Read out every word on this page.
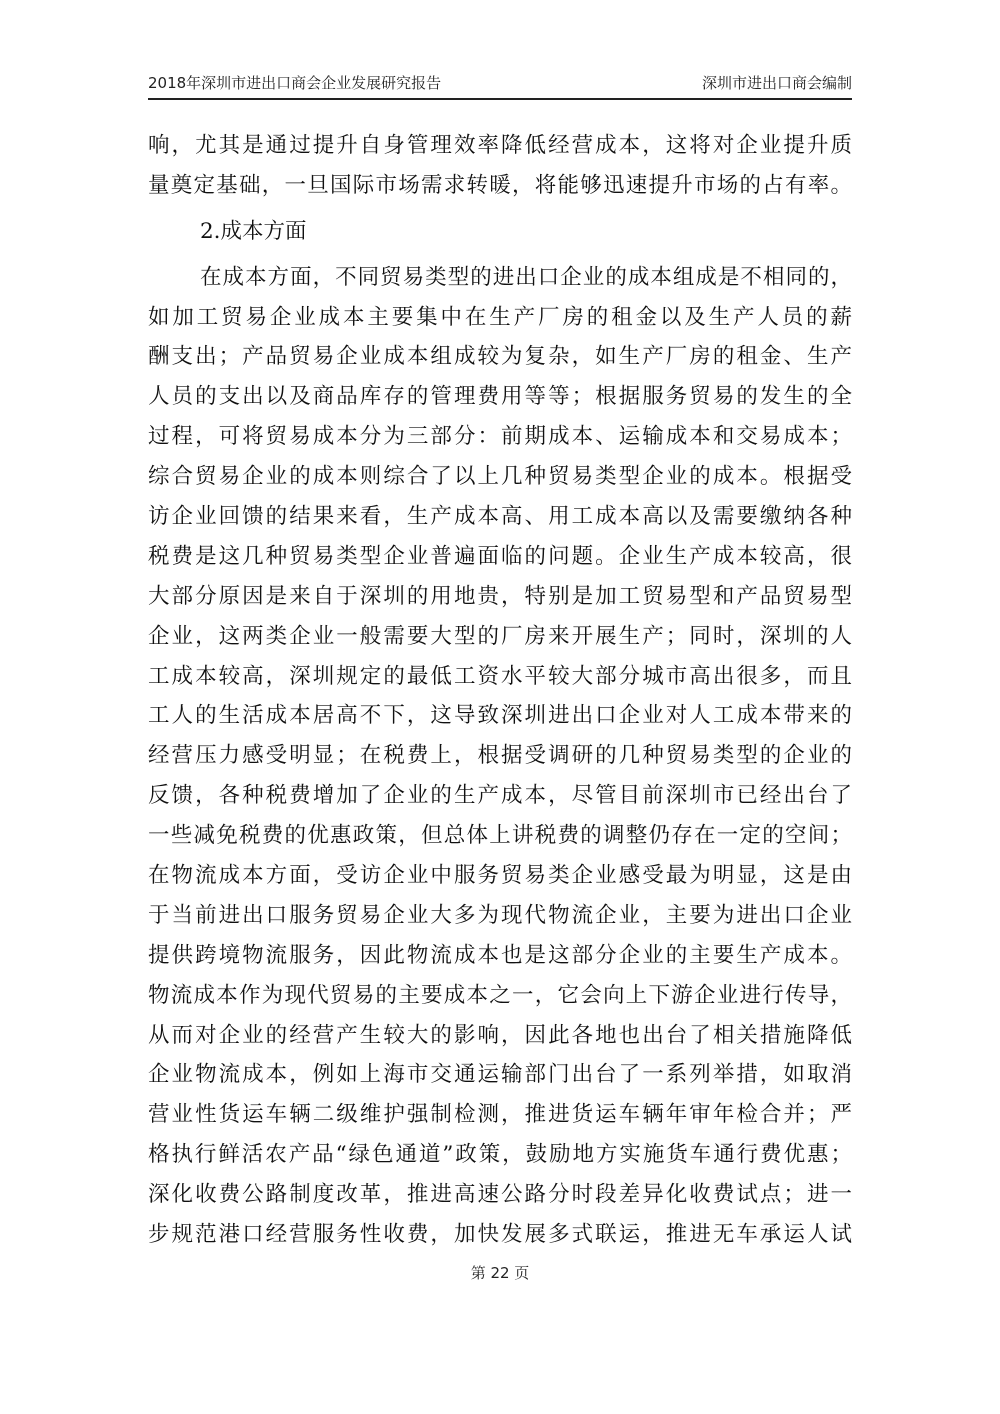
2018年深圳市进出口商会企业发展研究报告	深圳市进出口商会编制
响，尤其是通过提升自身管理效率降低经营成本，这将对企业提升质
量奠定基础，一旦国际市场需求转暖，将能够迅速提升市场的占有率。
2.成本方面
在成本方面，不同贸易类型的进出口企业的成本组成是不相同的，
如加工贸易企业成本主要集中在生产厂房的租金以及生产人员的薪
酬支出；产品贸易企业成本组成较为复杂，如生产厂房的租金、生产
人员的支出以及商品库存的管理费用等等；根据服务贸易的发生的全
过程，可将贸易成本分为三部分：前期成本、运输成本和交易成本；
综合贸易企业的成本则综合了以上几种贸易类型企业的成本。根据受
访企业回馈的结果来看，生产成本高、用工成本高以及需要缴纳各种
税费是这几种贸易类型企业普遍面临的问题。企业生产成本较高，很
大部分原因是来自于深圳的用地贵，特别是加工贸易型和产品贸易型
企业，这两类企业一般需要大型的厂房来开展生产；同时，深圳的人
工成本较高，深圳规定的最低工资水平较大部分城市高出很多，而且
工人的生活成本居高不下，这导致深圳进出口企业对人工成本带来的
经营压力感受明显；在税费上，根据受调研的几种贸易类型的企业的
反馈，各种税费增加了企业的生产成本，尽管目前深圳市已经出台了
一些减免税费的优惠政策，但总体上讲税费的调整仍存在一定的空间；
在物流成本方面，受访企业中服务贸易类企业感受最为明显，这是由
于当前进出口服务贸易企业大多为现代物流企业，主要为进出口企业
提供跨境物流服务，因此物流成本也是这部分企业的主要生产成本。
物流成本作为现代贸易的主要成本之一，它会向上下游企业进行传导，
从而对企业的经营产生较大的影响，因此各地也出台了相关措施降低
企业物流成本，例如上海市交通运输部门出台了一系列举措，如取消
营业性货运车辆二级维护强制检测，推进货运车辆年审年检合并；严
格执行鲜活农产品“绿色通道”政策，鼓励地方实施货车通行费优惠；
深化收费公路制度改革，推进高速公路分时段差异化收费试点；进一
步规范港口经营服务性收费，加快发展多式联运，推进无车承运人试
第 22 页
